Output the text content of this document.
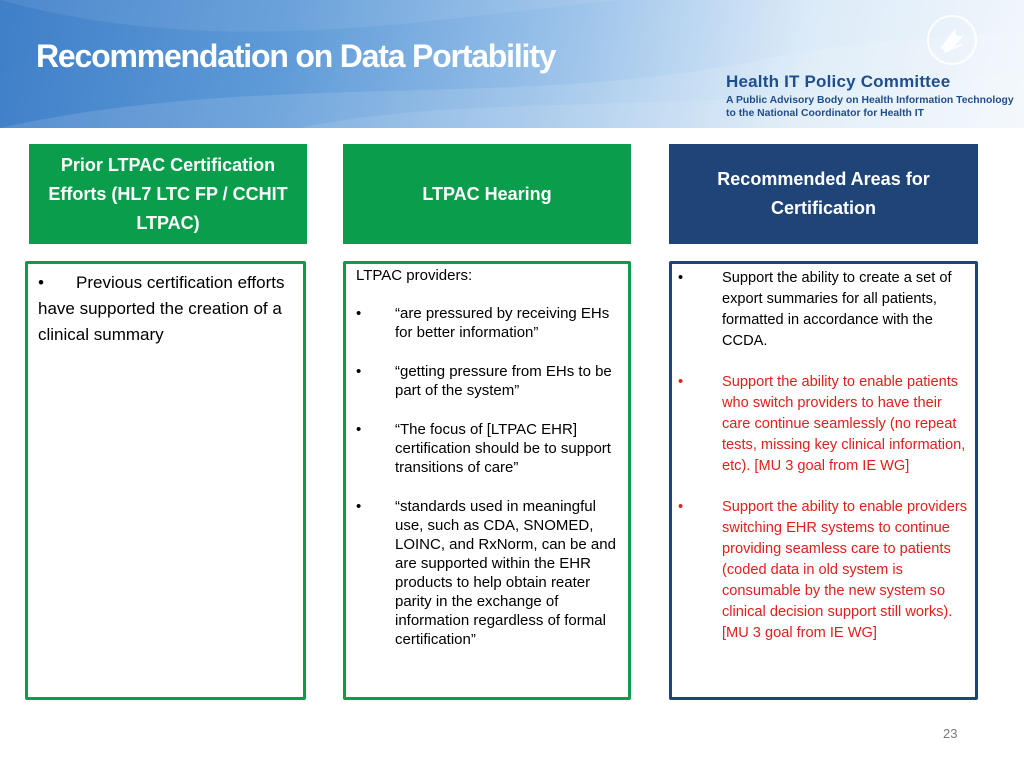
Recommendation on Data Portability
Health IT Policy Committee
A Public Advisory Body on Health Information Technology
to the National Coordinator for Health IT
Prior LTPAC Certification Efforts (HL7 LTC FP / CCHIT LTPAC)
LTPAC Hearing
Recommended Areas for Certification
• Previous certification efforts have supported the creation of a clinical summary
LTPAC providers:
•	“are pressured by receiving EHs for better information”
•	“getting pressure from EHs to be part of the system”
•	“The focus of [LTPAC EHR] certification should be to support transitions of care”
•	“standards used in meaningful use, such as CDA, SNOMED, LOINC, and RxNorm, can be and are supported within the EHR products to help obtain reater parity in the exchange of information regardless of formal certification”
•	Support the ability to create a set of export summaries for all patients, formatted in accordance with the CCDA.
•	Support the ability to enable patients who switch providers to have their care continue seamlessly (no repeat tests, missing key clinical information, etc). [MU 3 goal from IE WG]
•	Support the ability to enable providers switching EHR systems to continue providing seamless care to patients (coded data in old system is consumable by the new system so clinical decision support still works). [MU 3 goal from IE WG]
23
